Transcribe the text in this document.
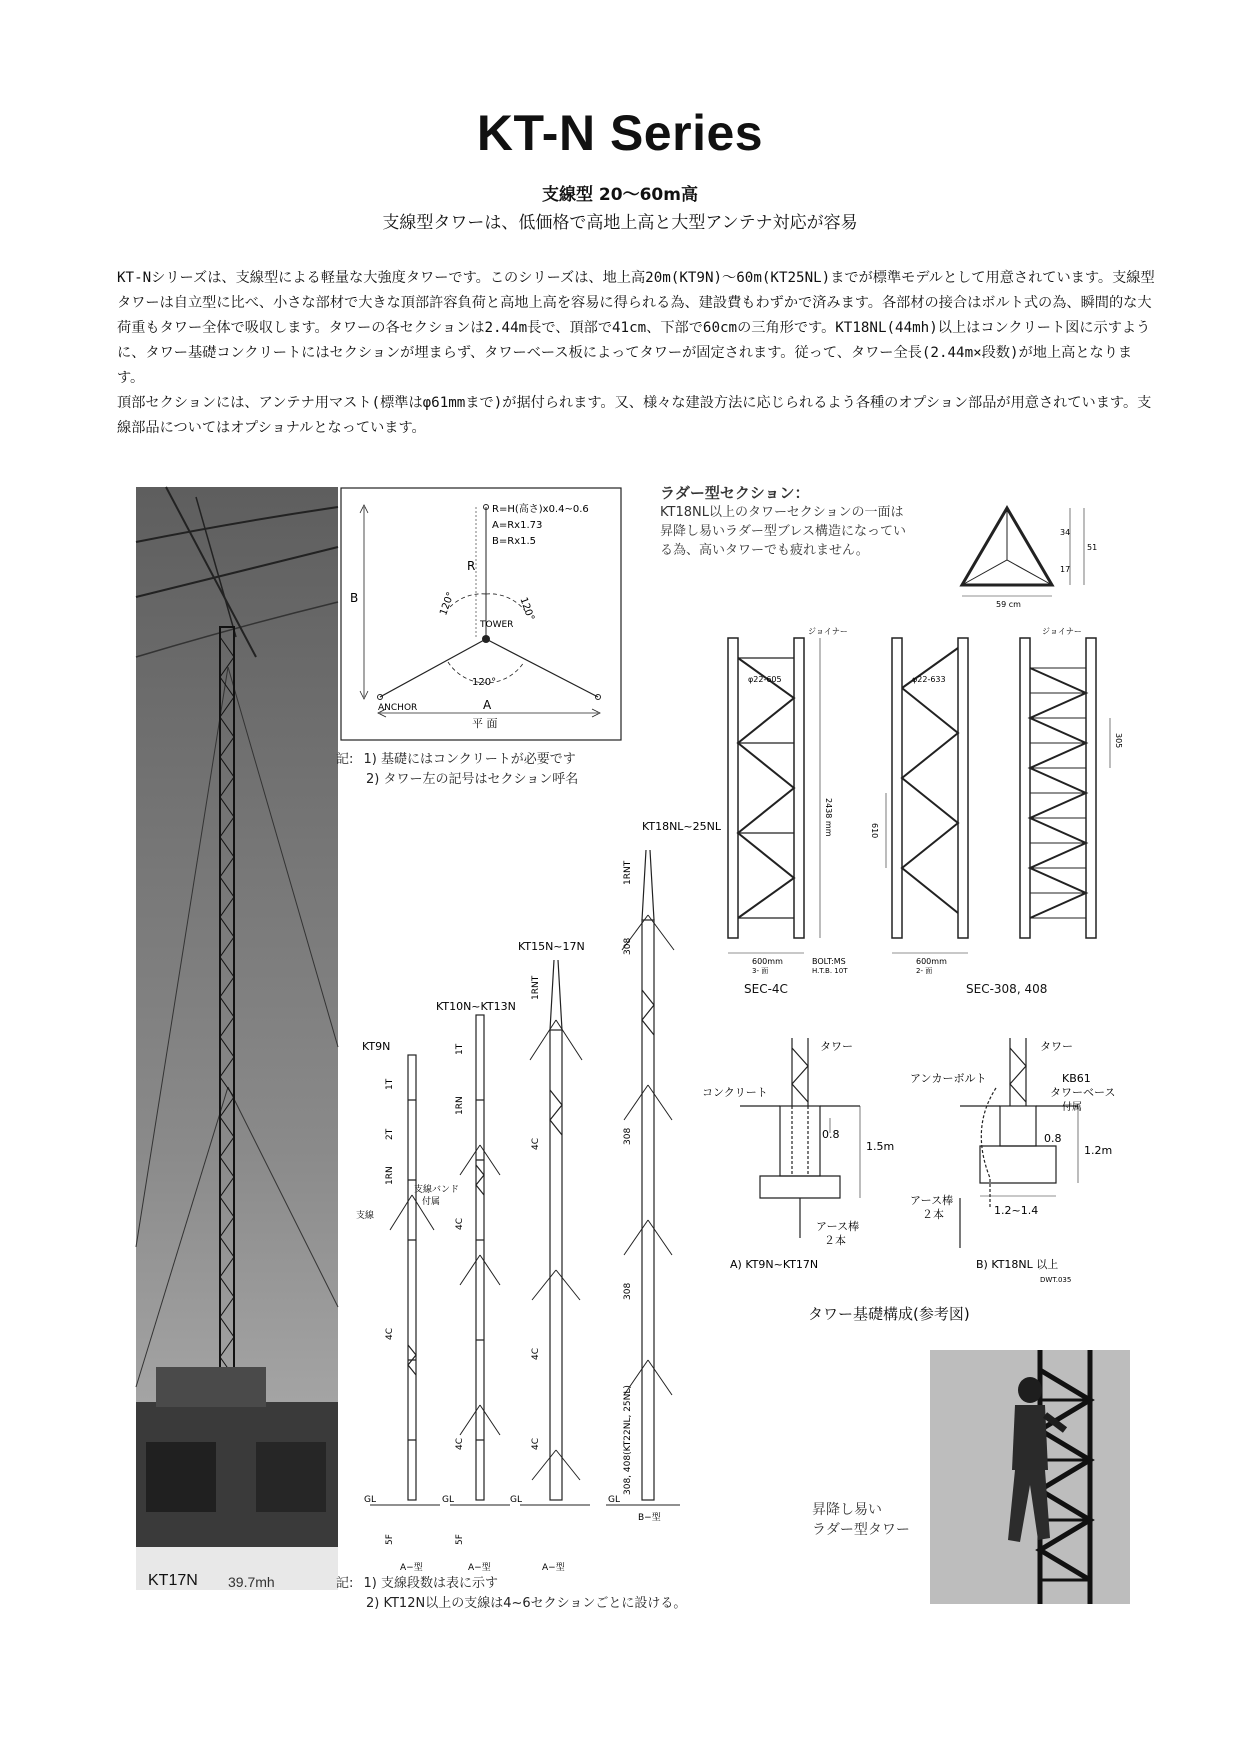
KT-N Series
支線型 20～60m高
支線型タワーは、低価格で高地上高と大型アンテナ対応が容易

KT-Nシリーズは、支線型による軽量な大強度タワーです。このシリーズは、地上高20m(KT9N)～60m(KT25NL)までが標準モデルとして用意されています。支線型タワーは自立型に比べ、小さな部材で大きな頂部許容負荷と高地上高を容易に得られる為、建設費もわずかで済みます。各部材の接合はボルト式の為、瞬間的な大荷重もタワー全体で吸収します。タワーの各セクションは2.44m長で、頂部で41cm、下部で60cmの三角形です。KT18NL(44mh)以上はコンクリート図に示すように、タワー基礎コンクリートにはセクションが埋まらず、タワーベース板によってタワーが固定されます。従って、タワー全長(2.44m×段数)が地上高となります。

頂部セクションには、アンテナ用マスト(標準はφ61mmまで)が据付られます。又、様々な建設方法に応じられるよう各種のオプション部品が用意されています。支線部品についてはオプショナルとなっています。

KT17N 39.7mh
R=H(高さ)x0.4~0.6
A=Rx1.73
B=Rx1.5
R
B
A
120°	120°
120°
TOWER
ANCHOR
平 面
記: 1) 基礎にはコンクリートが必要です
2) タワー左の記号はセクション呼名
ラダー型セクション：
KT18NL以上のタワーセクションの一面は
昇降し易いラダー型ブレス構造になってい
る為、高いタワーでも疲れません。
34
51
17
59 cm
ジョイナー	ジョイナー
φ22-605	φ22-633
2438 mm	610
305
600mm
3- 面
BOLT:MS
H.T.B. 10T
600mm
2- 面
SEC-4C	SEC-308, 408
KT18NL~25NL
KT15N~17N
KT10N~KT13N
KT9N
1T
2T
1RN
4C
5F
1T
1RN
4C
4C
5F
1RNT
4C
4C
4C
1RNT
308
308
308
308, 408(KT22NL, 25NL)
GL	GL	GL	GL
A−型	A−型	A−型
B−型
支線
支線バンド
付属
記: 1) 支線段数は表に示す
2) KT12N以上の支線は4~6セクションごとに設ける。
タワー
コンクリート
0.8
1.5m
アース棒
２本
タワー
アンカーボルト	KB61
タワーベース
付属
0.8
1.2m
アース棒
２本	1.2~1.4
A) KT9N~KT17N	B) KT18NL 以上
DWT.035
タワー基礎構成(参考図)
昇降し易い
ラダー型タワー
